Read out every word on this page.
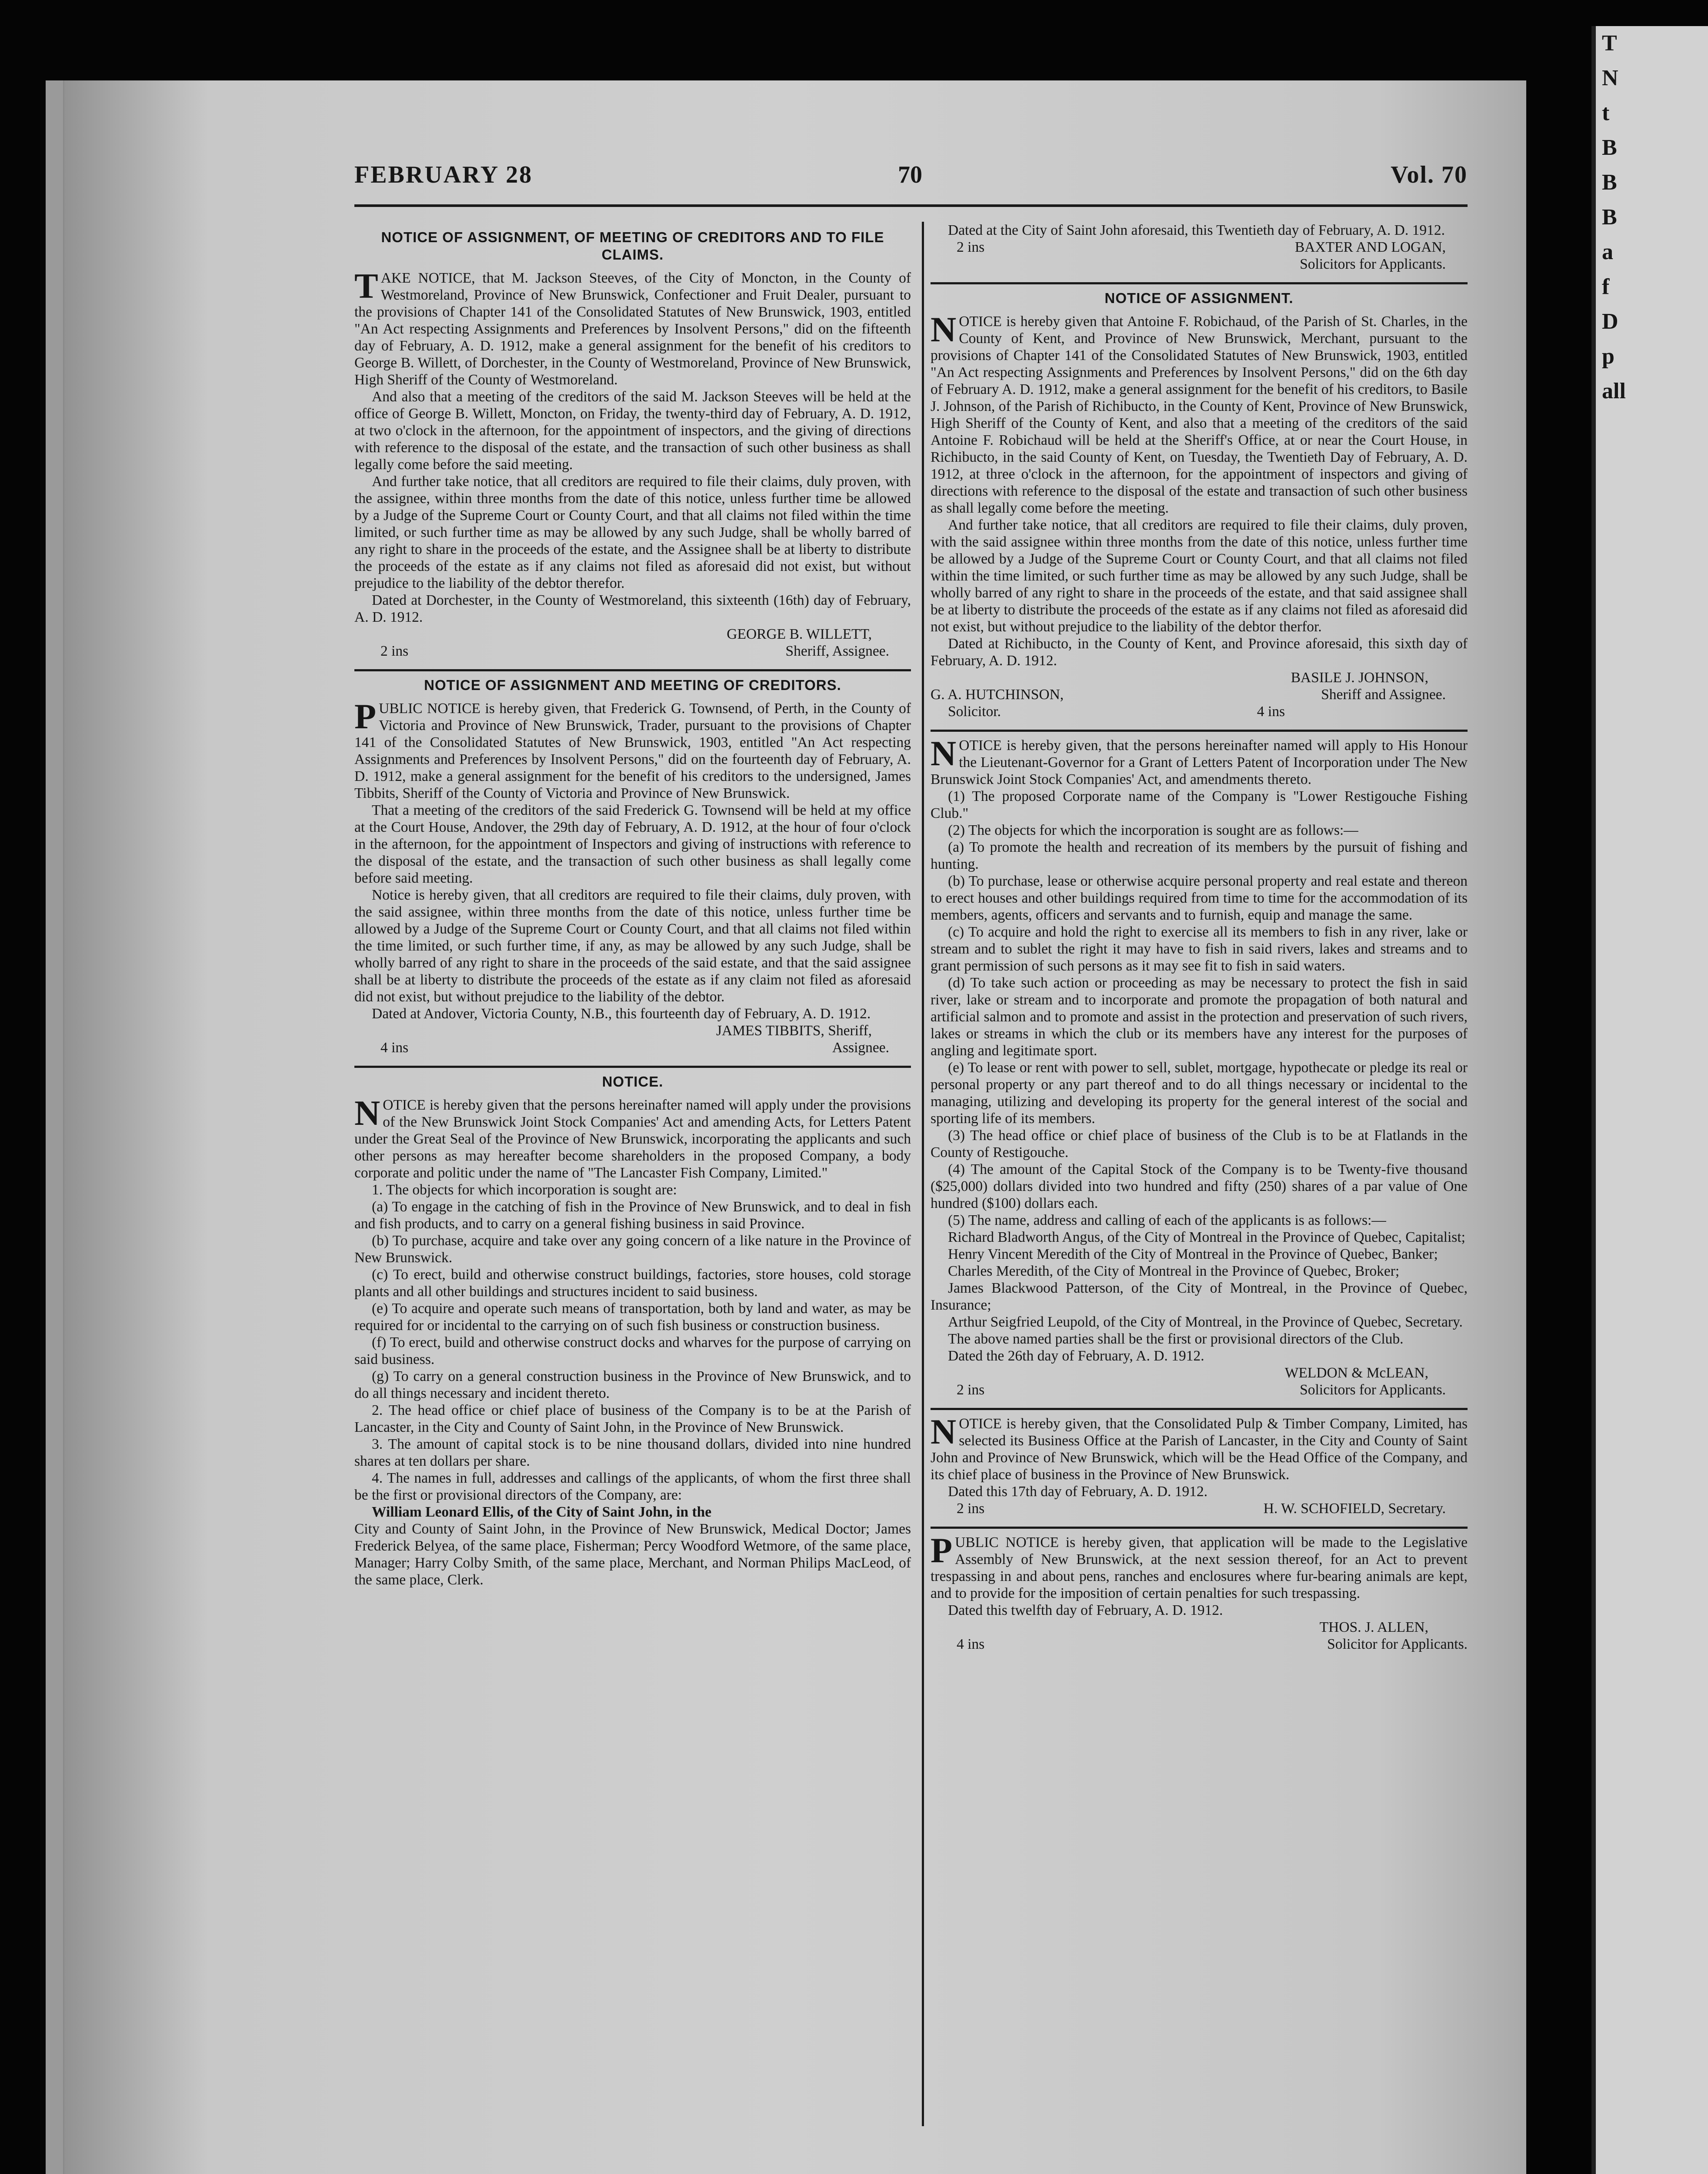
T
N
t
B
B
B
a
f
D
p
all
FEBRUARY 28	70	Vol. 70
NOTICE OF ASSIGNMENT, OF MEETING OF CREDITORS AND TO FILE CLAIMS.

TAKE NOTICE, that M. Jackson Steeves, of the City of Moncton, in the County of Westmoreland, Province of New Brunswick, Confectioner and Fruit Dealer, pursuant to the provisions of Chapter 141 of the Consolidated Statutes of New Brunswick, 1903, entitled "An Act respecting Assignments and Preferences by Insolvent Persons," did on the fifteenth day of February, A. D. 1912, make a general assignment for the benefit of his creditors to George B. Willett, of Dorchester, in the County of Westmoreland, Province of New Brunswick, High Sheriff of the County of Westmoreland.

And also that a meeting of the creditors of the said M. Jackson Steeves will be held at the office of George B. Willett, Moncton, on Friday, the twenty-third day of February, A. D. 1912, at two o'clock in the afternoon, for the appointment of inspectors, and the giving of directions with reference to the disposal of the estate, and the transaction of such other business as shall legally come before the said meeting.

And further take notice, that all creditors are required to file their claims, duly proven, with the assignee, within three months from the date of this notice, unless further time be allowed by a Judge of the Supreme Court or County Court, and that all claims not filed within the time limited, or such further time as may be allowed by any such Judge, shall be wholly barred of any right to share in the proceeds of the estate, and the Assignee shall be at liberty to distribute the proceeds of the estate as if any claims not filed as aforesaid did not exist, but without prejudice to the liability of the debtor therefor.

Dated at Dorchester, in the County of Westmoreland, this sixteenth (16th) day of February, A. D. 1912.

GEORGE B. WILLETT,
2 ins	Sheriff, Assignee.
NOTICE OF ASSIGNMENT AND MEETING OF CREDITORS.

PUBLIC NOTICE is hereby given, that Frederick G. Townsend, of Perth, in the County of Victoria and Province of New Brunswick, Trader, pursuant to the provisions of Chapter 141 of the Consolidated Statutes of New Brunswick, 1903, entitled "An Act respecting Assignments and Preferences by Insolvent Persons," did on the fourteenth day of February, A. D. 1912, make a general assignment for the benefit of his creditors to the undersigned, James Tibbits, Sheriff of the County of Victoria and Province of New Brunswick.

That a meeting of the creditors of the said Frederick G. Townsend will be held at my office at the Court House, Andover, the 29th day of February, A. D. 1912, at the hour of four o'clock in the afternoon, for the appointment of Inspectors and giving of instructions with reference to the disposal of the estate, and the transaction of such other business as shall legally come before said meeting.

Notice is hereby given, that all creditors are required to file their claims, duly proven, with the said assignee, within three months from the date of this notice, unless further time be allowed by a Judge of the Supreme Court or County Court, and that all claims not filed within the time limited, or such further time, if any, as may be allowed by any such Judge, shall be wholly barred of any right to share in the proceeds of the said estate, and that the said assignee shall be at liberty to distribute the proceeds of the estate as if any claim not filed as aforesaid did not exist, but without prejudice to the liability of the debtor.

Dated at Andover, Victoria County, N.B., this fourteenth day of February, A. D. 1912.

JAMES TIBBITS, Sheriff,
4 ins	Assignee.
NOTICE.

NOTICE is hereby given that the persons hereinafter named will apply under the provisions of the New Brunswick Joint Stock Companies' Act and amending Acts, for Letters Patent under the Great Seal of the Province of New Brunswick, incorporating the applicants and such other persons as may hereafter become shareholders in the proposed Company, a body corporate and politic under the name of "The Lancaster Fish Company, Limited."

1. The objects for which incorporation is sought are:

(a) To engage in the catching of fish in the Province of New Brunswick, and to deal in fish and fish products, and to carry on a general fishing business in said Province.

(b) To purchase, acquire and take over any going concern of a like nature in the Province of New Brunswick.

(c) To erect, build and otherwise construct buildings, factories, store houses, cold storage plants and all other buildings and structures incident to said business.

(e) To acquire and operate such means of transportation, both by land and water, as may be required for or incidental to the carrying on of such fish business or construction business.

(f) To erect, build and otherwise construct docks and wharves for the purpose of carrying on said business.

(g) To carry on a general construction business in the Province of New Brunswick, and to do all things necessary and incident thereto.

2. The head office or chief place of business of the Company is to be at the Parish of Lancaster, in the City and County of Saint John, in the Province of New Brunswick.

3. The amount of capital stock is to be nine thousand dollars, divided into nine hundred shares at ten dollars per share.

4. The names in full, addresses and callings of the applicants, of whom the first three shall be the first or provisional directors of the Company, are:

William Leonard Ellis, of the City of Saint John, in the

City and County of Saint John, in the Province of New Brunswick, Medical Doctor; James Frederick Belyea, of the same place, Fisherman; Percy Woodford Wetmore, of the same place, Manager; Harry Colby Smith, of the same place, Merchant, and Norman Philips MacLeod, of the same place, Clerk.

Dated at the City of Saint John aforesaid, this Twentieth day of February, A. D. 1912.

2 ins	BAXTER AND LOGAN,
Solicitors for Applicants.
NOTICE OF ASSIGNMENT.

NOTICE is hereby given that Antoine F. Robichaud, of the Parish of St. Charles, in the County of Kent, and Province of New Brunswick, Merchant, pursuant to the provisions of Chapter 141 of the Consolidated Statutes of New Brunswick, 1903, entitled "An Act respecting Assignments and Preferences by Insolvent Persons," did on the 6th day of February A. D. 1912, make a general assignment for the benefit of his creditors, to Basile J. Johnson, of the Parish of Richibucto, in the County of Kent, Province of New Brunswick, High Sheriff of the County of Kent, and also that a meeting of the creditors of the said Antoine F. Robichaud will be held at the Sheriff's Office, at or near the Court House, in Richibucto, in the said County of Kent, on Tuesday, the Twentieth Day of February, A. D. 1912, at three o'clock in the afternoon, for the appointment of inspectors and giving of directions with reference to the disposal of the estate and transaction of such other business as shall legally come before the meeting.

And further take notice, that all creditors are required to file their claims, duly proven, with the said assignee within three months from the date of this notice, unless further time be allowed by a Judge of the Supreme Court or County Court, and that all claims not filed within the time limited, or such further time as may be allowed by any such Judge, shall be wholly barred of any right to share in the proceeds of the estate, and that said assignee shall be at liberty to distribute the proceeds of the estate as if any claims not filed as aforesaid did not exist, but without prejudice to the liability of the debtor therfor.

Dated at Richibucto, in the County of Kent, and Province aforesaid, this sixth day of February, A. D. 1912.

BASILE J. JOHNSON,
G. A. HUTCHINSON,	Sheriff and Assignee.
Solicitor.	4 ins

NOTICE is hereby given, that the persons hereinafter named will apply to His Honour the Lieutenant-Governor for a Grant of Letters Patent of Incorporation under The New Brunswick Joint Stock Companies' Act, and amendments thereto.

(1) The proposed Corporate name of the Company is "Lower Restigouche Fishing Club."

(2) The objects for which the incorporation is sought are as follows:—

(a) To promote the health and recreation of its members by the pursuit of fishing and hunting.

(b) To purchase, lease or otherwise acquire personal property and real estate and thereon to erect houses and other buildings required from time to time for the accommodation of its members, agents, officers and servants and to furnish, equip and manage the same.

(c) To acquire and hold the right to exercise all its members to fish in any river, lake or stream and to sublet the right it may have to fish in said rivers, lakes and streams and to grant permission of such persons as it may see fit to fish in said waters.

(d) To take such action or proceeding as may be necessary to protect the fish in said river, lake or stream and to incorporate and promote the propagation of both natural and artificial salmon and to promote and assist in the protection and preservation of such rivers, lakes or streams in which the club or its members have any interest for the purposes of angling and legitimate sport.

(e) To lease or rent with power to sell, sublet, mortgage, hypothecate or pledge its real or personal property or any part thereof and to do all things necessary or incidental to the managing, utilizing and developing its property for the general interest of the social and sporting life of its members.

(3) The head office or chief place of business of the Club is to be at Flatlands in the County of Restigouche.

(4) The amount of the Capital Stock of the Company is to be Twenty-five thousand ($25,000) dollars divided into two hundred and fifty (250) shares of a par value of One hundred ($100) dollars each.

(5) The name, address and calling of each of the applicants is as follows:—

Richard Bladworth Angus, of the City of Montreal in the Province of Quebec, Capitalist;

Henry Vincent Meredith of the City of Montreal in the Province of Quebec, Banker;

Charles Meredith, of the City of Montreal in the Province of Quebec, Broker;

James Blackwood Patterson, of the City of Montreal, in the Province of Quebec, Insurance;

Arthur Seigfried Leupold, of the City of Montreal, in the Province of Quebec, Secretary.

The above named parties shall be the first or provisional directors of the Club.

Dated the 26th day of February, A. D. 1912.

WELDON & McLEAN,
2 ins	Solicitors for Applicants.

NOTICE is hereby given, that the Consolidated Pulp & Timber Company, Limited, has selected its Business Office at the Parish of Lancaster, in the City and County of Saint John and Province of New Brunswick, which will be the Head Office of the Company, and its chief place of business in the Province of New Brunswick.

Dated this 17th day of February, A. D. 1912.

2 ins	H. W. SCHOFIELD, Secretary.

PUBLIC NOTICE is hereby given, that application will be made to the Legislative Assembly of New Brunswick, at the next session thereof, for an Act to prevent trespassing in and about pens, ranches and enclosures where fur-bearing animals are kept, and to provide for the imposition of certain penalties for such trespassing.

Dated this twelfth day of February, A. D. 1912.

THOS. J. ALLEN,
4 ins	Solicitor for Applicants.
